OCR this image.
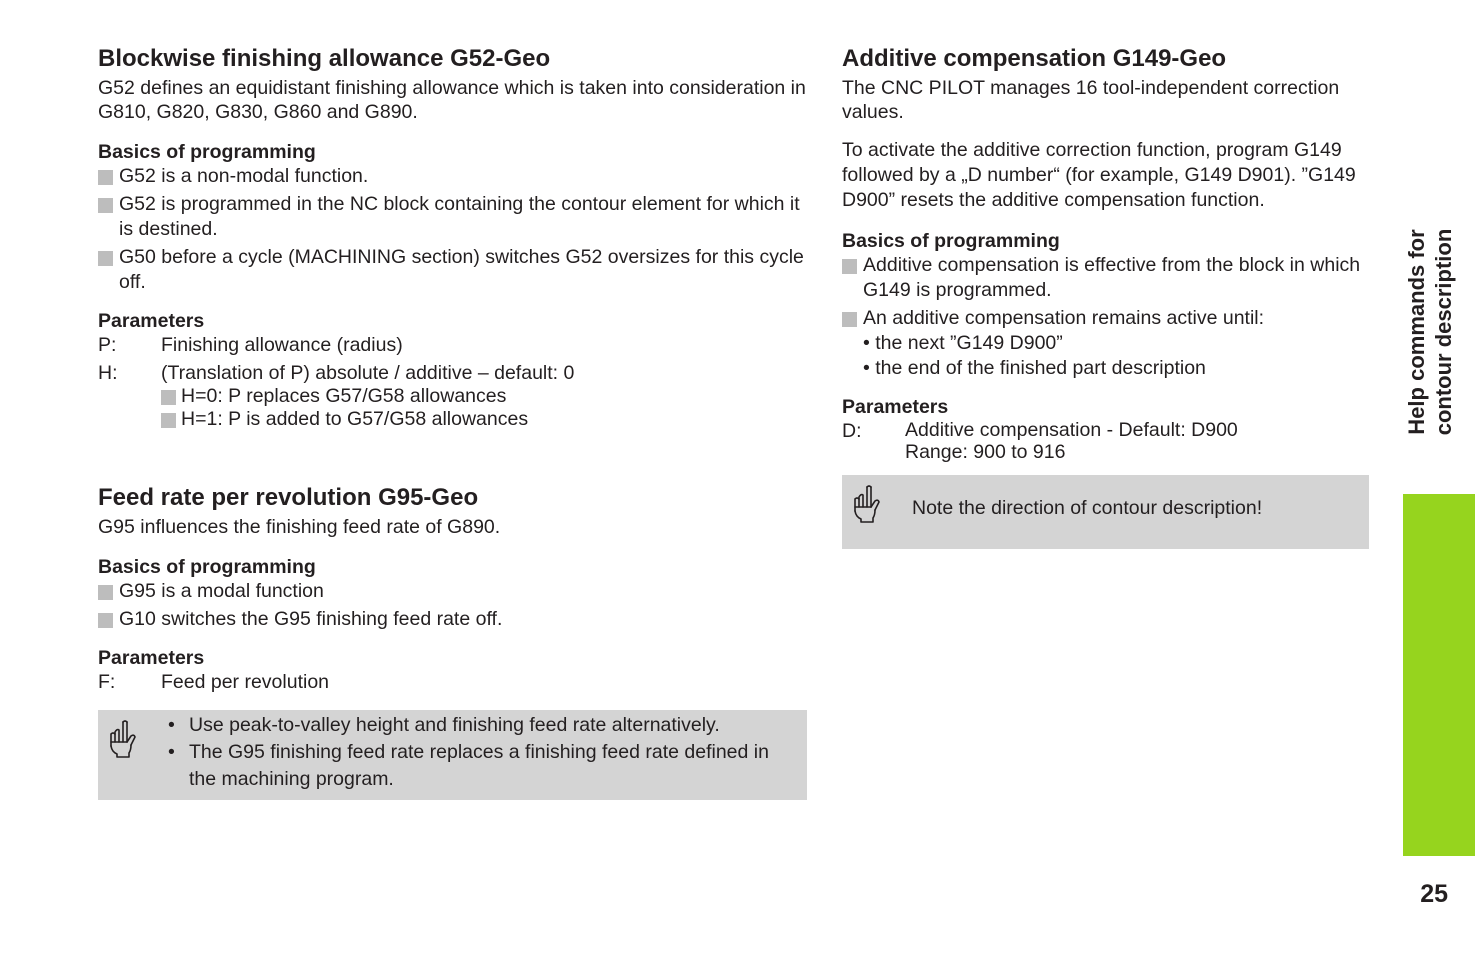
Blockwise finishing allowance G52-Geo
G52 defines an equidistant finishing allowance which is taken into consideration in G810, G820, G830, G860 and G890.
Basics of programming
G52 is a non-modal function.
G52 is programmed in the NC block containing the contour element for which it is destined.
G50 before a cycle (MACHINING section) switches G52 oversizes for this cycle off.
Parameters
P:	Finishing allowance (radius)
H:	(Translation of P) absolute / additive – default: 0
H=0: P replaces G57/G58 allowances
H=1: P is added to G57/G58 allowances
Feed rate per revolution G95-Geo
G95 influences the finishing feed rate of G890.
Basics of programming
G95 is a modal function
G10 switches the G95 finishing feed rate off.
Parameters
F:	Feed per revolution
• Use peak-to-valley height and finishing feed rate alternatively.
• The G95 finishing feed rate replaces a finishing feed rate defined in the machining program.
Additive compensation G149-Geo
The CNC PILOT manages 16 tool-independent correction values.
To activate the additive correction function, program G149 followed by a „D number“ (for example, G149 D901). ”G149 D900” resets the additive compensation function.
Basics of programming
Additive compensation is effective from the block in which G149 is programmed.
An additive compensation remains active until:
• the next ”G149 D900”
• the end of the finished part description
Parameters
D:	Additive compensation - Default: D900
Range: 900 to 916
Note the direction of contour description!
Help commands for contour description
25
